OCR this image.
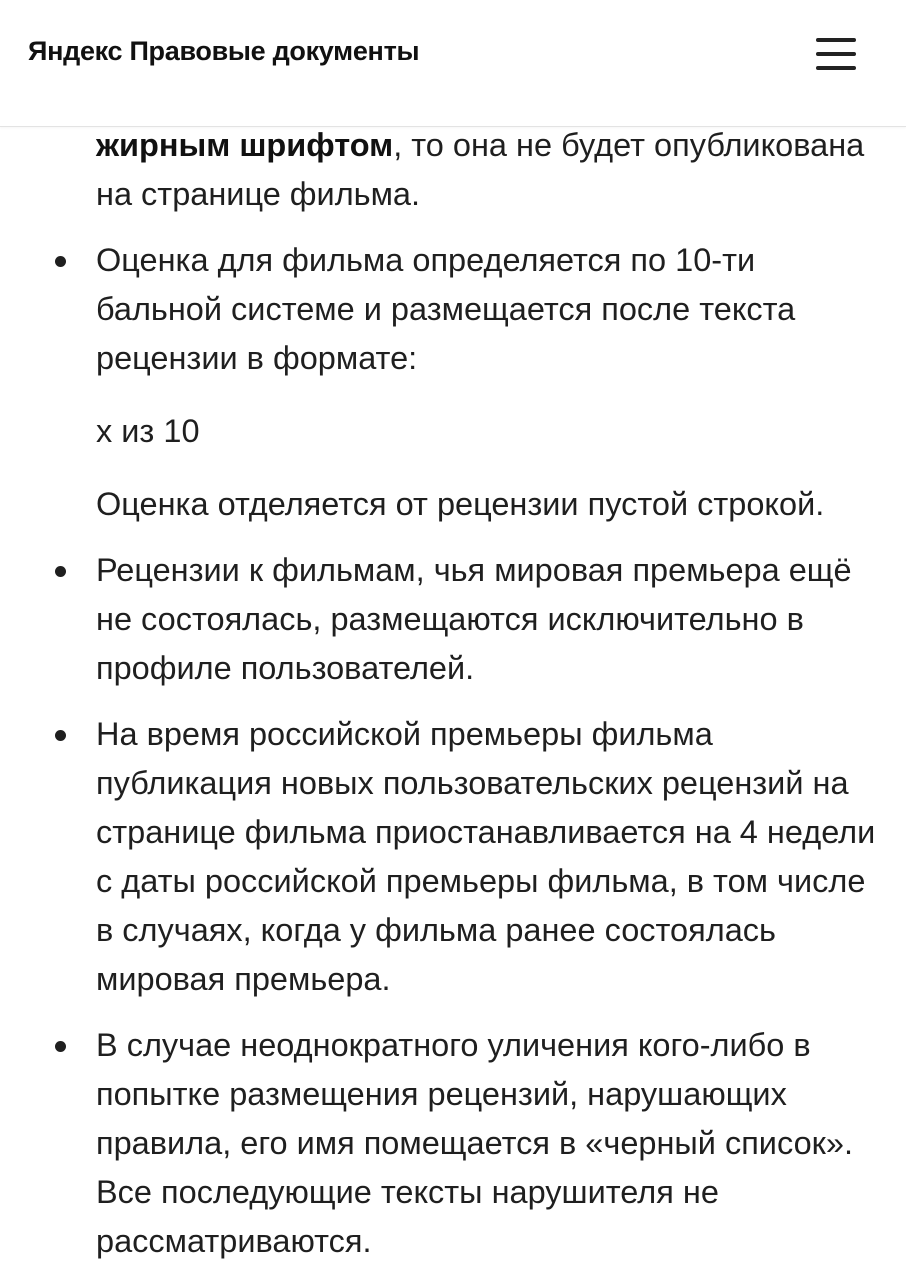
Яндекс Правовые документы
жирным шрифтом, то она не будет опубликована на странице фильма.
Оценка для фильма определяется по 10-ти бальной системе и размещается после текста рецензии в формате:
x из 10
Оценка отделяется от рецензии пустой строкой.
Рецензии к фильмам, чья мировая премьера ещё не состоялась, размещаются исключительно в профиле пользователей.
На время российской премьеры фильма публикация новых пользовательских рецензий на странице фильма приостанавливается на 4 недели с даты российской премьеры фильма, в том числе в случаях, когда у фильма ранее состоялась мировая премьера.
В случае неоднократного уличения кого-либо в попытке размещения рецензий, нарушающих правила, его имя помещается в «черный список». Все последующие тексты нарушителя не рассматриваются.
